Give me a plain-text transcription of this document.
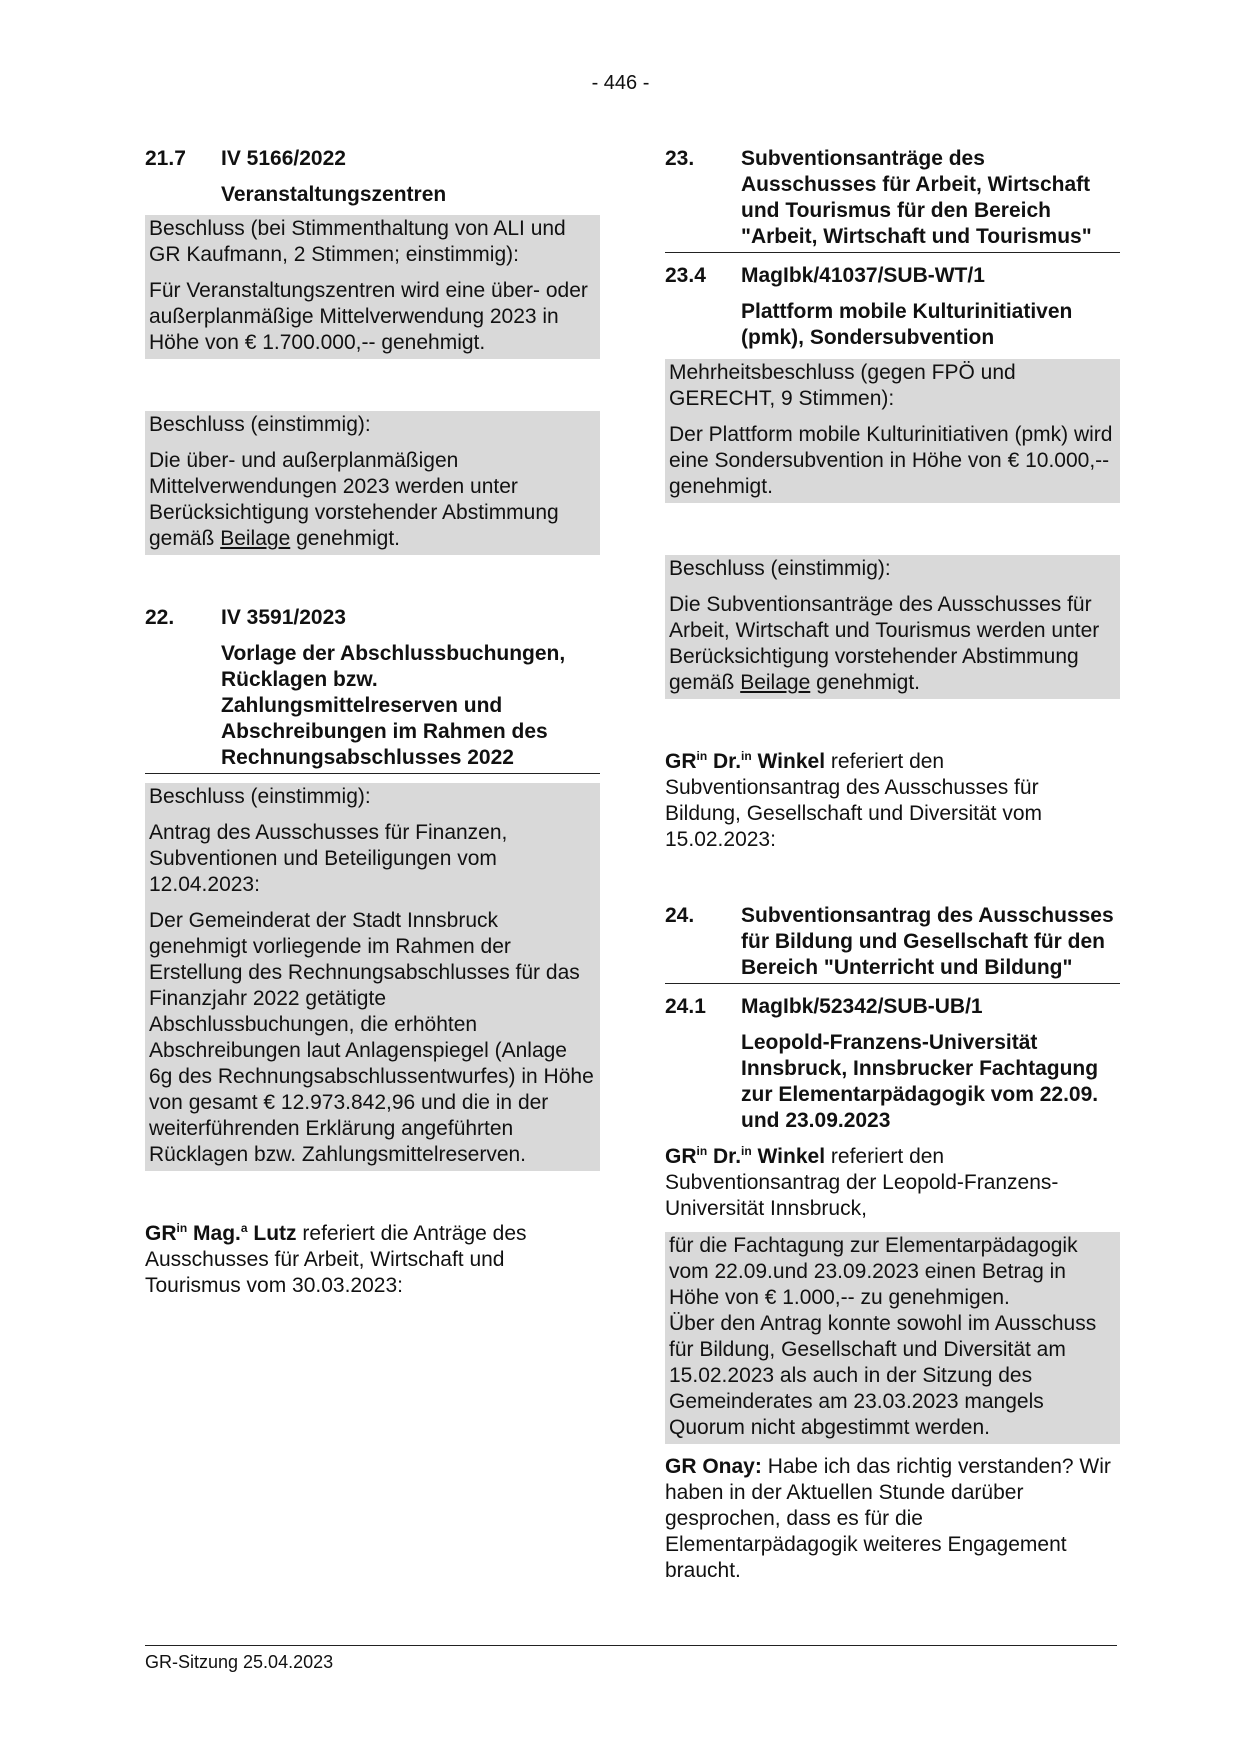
- 446 -
21.7	IV 5166/2022
Veranstaltungszentren

Beschluss (bei Stimmenthaltung von ALI und GR Kaufmann, 2 Stimmen; einstimmig):

Für Veranstaltungszentren wird eine über- oder außerplanmäßige Mittelverwendung 2023 in Höhe von € 1.700.000,-- genehmigt.

Beschluss (einstimmig):

Die über- und außerplanmäßigen Mittelverwendungen 2023 werden unter Berücksichtigung vorstehender Abstimmung gemäß Beilage genehmigt.

22.	IV 3591/2023
Vorlage der Abschlussbuchungen, Rücklagen bzw. Zahlungsmittelreserven und Abschreibungen im Rahmen des Rechnungsabschlusses 2022

Beschluss (einstimmig):

Antrag des Ausschusses für Finanzen, Subventionen und Beteiligungen vom 12.04.2023:

Der Gemeinderat der Stadt Innsbruck genehmigt vorliegende im Rahmen der Erstellung des Rechnungsabschlusses für das Finanzjahr 2022 getätigte Abschlussbuchungen, die erhöhten Abschreibungen laut Anlagenspiegel (Anlage 6g des Rechnungsabschlussentwurfes) in Höhe von gesamt € 12.973.842,96 und die in der weiterführenden Erklärung angeführten Rücklagen bzw. Zahlungsmittelreserven.

$GR^{in}$ Mag.$^a$ Lutz referiert die Anträge des Ausschusses für Arbeit, Wirtschaft und Tourismus vom 30.03.2023:
23.	Subventionsanträge des Ausschusses für Arbeit, Wirtschaft und Tourismus für den Bereich "Arbeit, Wirtschaft und Tourismus"
23.4	MagIbk/41037/SUB-WT/1
Plattform mobile Kulturinitiativen (pmk), Sondersubvention

Mehrheitsbeschluss (gegen FPÖ und GERECHT, 9 Stimmen):

Der Plattform mobile Kulturinitiativen (pmk) wird eine Sondersubvention in Höhe von € 10.000,-- genehmigt.

Beschluss (einstimmig):

Die Subventionsanträge des Ausschusses für Arbeit, Wirtschaft und Tourismus werden unter Berücksichtigung vorstehender Abstimmung gemäß Beilage genehmigt.

$GR^{in}$ Dr.$^{in}$ Winkel referiert den Subventionsantrag des Ausschusses für Bildung, Gesellschaft und Diversität vom 15.02.2023:
24.	Subventionsantrag des Ausschusses für Bildung und Gesellschaft für den Bereich "Unterricht und Bildung"
24.1	MagIbk/52342/SUB-UB/1
Leopold-Franzens-Universität Innsbruck, Innsbrucker Fachtagung zur Elementarpädagogik vom 22.09. und 23.09.2023
$GR^{in}$ Dr.$^{in}$ Winkel referiert den Subventionsantrag der Leopold-Franzens-Universität Innsbruck,

für die Fachtagung zur Elementarpädagogik vom 22.09.und 23.09.2023 einen Betrag in Höhe von € 1.000,-- zu genehmigen.

Über den Antrag konnte sowohl im Ausschuss für Bildung, Gesellschaft und Diversität am 15.02.2023 als auch in der Sitzung des Gemeinderates am 23.03.2023 mangels Quorum nicht abgestimmt werden.
GR Onay: Habe ich das richtig verstanden? Wir haben in der Aktuellen Stunde darüber gesprochen, dass es für die Elementarpädagogik weiteres Engagement braucht.
GR-Sitzung 25.04.2023
